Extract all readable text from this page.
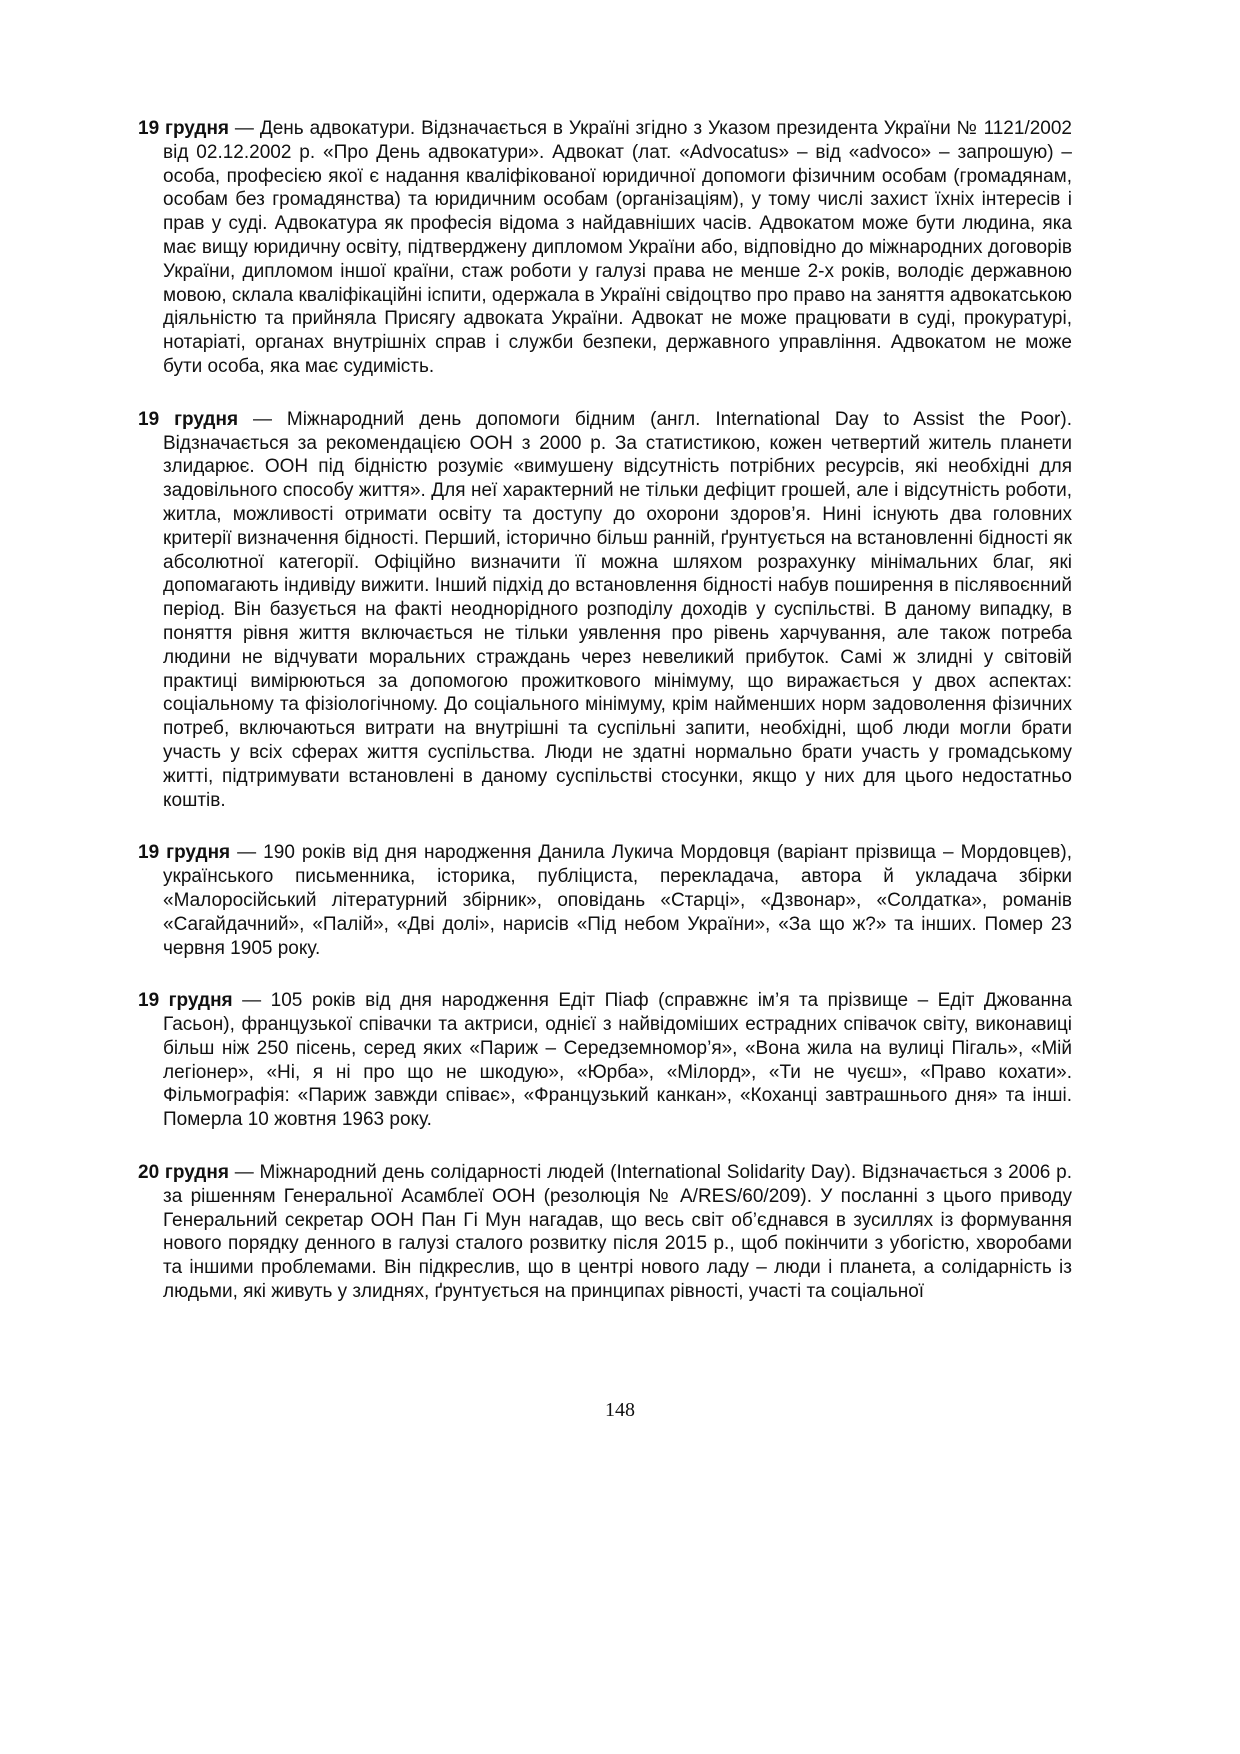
19 грудня — День адвокатури. Відзначається в Україні згідно з Указом президента України № 1121/2002 від 02.12.2002 р. «Про День адвокатури». Адвокат (лат. «Advocatus» – від «advoco» – запрошую) – особа, професією якої є надання кваліфікованої юридичної допомоги фізичним особам (громадянам, особам без громадянства) та юридичним особам (організаціям), у тому числі захист їхніх інтересів і прав у суді. Адвокатура як професія відома з найдавніших часів. Адвокатом може бути людина, яка має вищу юридичну освіту, підтверджену дипломом України або, відповідно до міжнародних договорів України, дипломом іншої країни, стаж роботи у галузі права не менше 2-х років, володіє державною мовою, склала кваліфікаційні іспити, одержала в Україні свідоцтво про право на заняття адвокатською діяльністю та прийняла Присягу адвоката України. Адвокат не може працювати в суді, прокуратурі, нотаріаті, органах внутрішніх справ і служби безпеки, державного управління. Адвокатом не може бути особа, яка має судимість.

19 грудня — Міжнародний день допомоги бідним (англ. International Day to Assist the Poor). Відзначається за рекомендацією ООН з 2000 р. За статистикою, кожен четвертий житель планети злидарює. ООН під бідністю розуміє «вимушену відсутність потрібних ресурсів, які необхідні для задовільного способу життя». Для неї характерний не тільки дефіцит грошей, але і відсутність роботи, житла, можливості отримати освіту та доступу до охорони здоров’я. Нині існують два головних критерії визначення бідності. Перший, історично більш ранній, ґрунтується на встановленні бідності як абсолютної категорії. Офіційно визначити її можна шляхом розрахунку мінімальних благ, які допомагають індивіду вижити. Інший підхід до встановлення бідності набув поширення в післявоєнний період. Він базується на факті неоднорідного розподілу доходів у суспільстві. В даному випадку, в поняття рівня життя включається не тільки уявлення про рівень харчування, але також потреба людини не відчувати моральних страждань через невеликий прибуток. Самі ж злидні у світовій практиці вимірюються за допомогою прожиткового мінімуму, що виражається у двох аспектах: соціальному та фізіологічному. До соціального мінімуму, крім найменших норм задоволення фізичних потреб, включаються витрати на внутрішні та суспільні запити, необхідні, щоб люди могли брати участь у всіх сферах життя суспільства. Люди не здатні нормально брати участь у громадському житті, підтримувати встановлені в даному суспільстві стосунки, якщо у них для цього недостатньо коштів.

19 грудня — 190 років від дня народження Данила Лукича Мордовця (варіант прізвища – Мордовцев), українського письменника, історика, публіциста, перекладача, автора й укладача збірки «Малоросійський літературний збірник», оповідань «Старці», «Дзвонар», «Солдатка», романів «Сагайдачний», «Палій», «Дві долі», нарисів «Під небом України», «За що ж?» та інших. Помер 23 червня 1905 року.

19 грудня — 105 років від дня народження Едіт Піаф (справжнє ім’я та прізвище – Едіт Джованна Гасьон), французької співачки та актриси, однієї з найвідоміших естрадних співачок світу, виконавиці більш ніж 250 пісень, серед яких «Париж – Середземномор’я», «Вона жила на вулиці Пігаль», «Мій легіонер», «Ні, я ні про що не шкодую», «Юрба», «Мілорд», «Ти не чуєш», «Право кохати». Фільмографія: «Париж завжди співає», «Французький канкан», «Коханці завтрашнього дня» та інші. Померла 10 жовтня 1963 року.

20 грудня — Міжнародний день солідарності людей (International Solidarity Day). Відзначається з 2006 р. за рішенням Генеральної Асамблеї ООН (резолюція № A/RES/60/209). У посланні з цього приводу Генеральний секретар ООН Пан Гі Мун нагадав, що весь світ об’єднався в зусиллях із формування нового порядку денного в галузі сталого розвитку після 2015 р., щоб покінчити з убогістю, хворобами та іншими проблемами. Він підкреслив, що в центрі нового ладу – люди і планета, а солідарність із людьми, які живуть у злиднях, ґрунтується на принципах рівності, участі та соціальної

148
